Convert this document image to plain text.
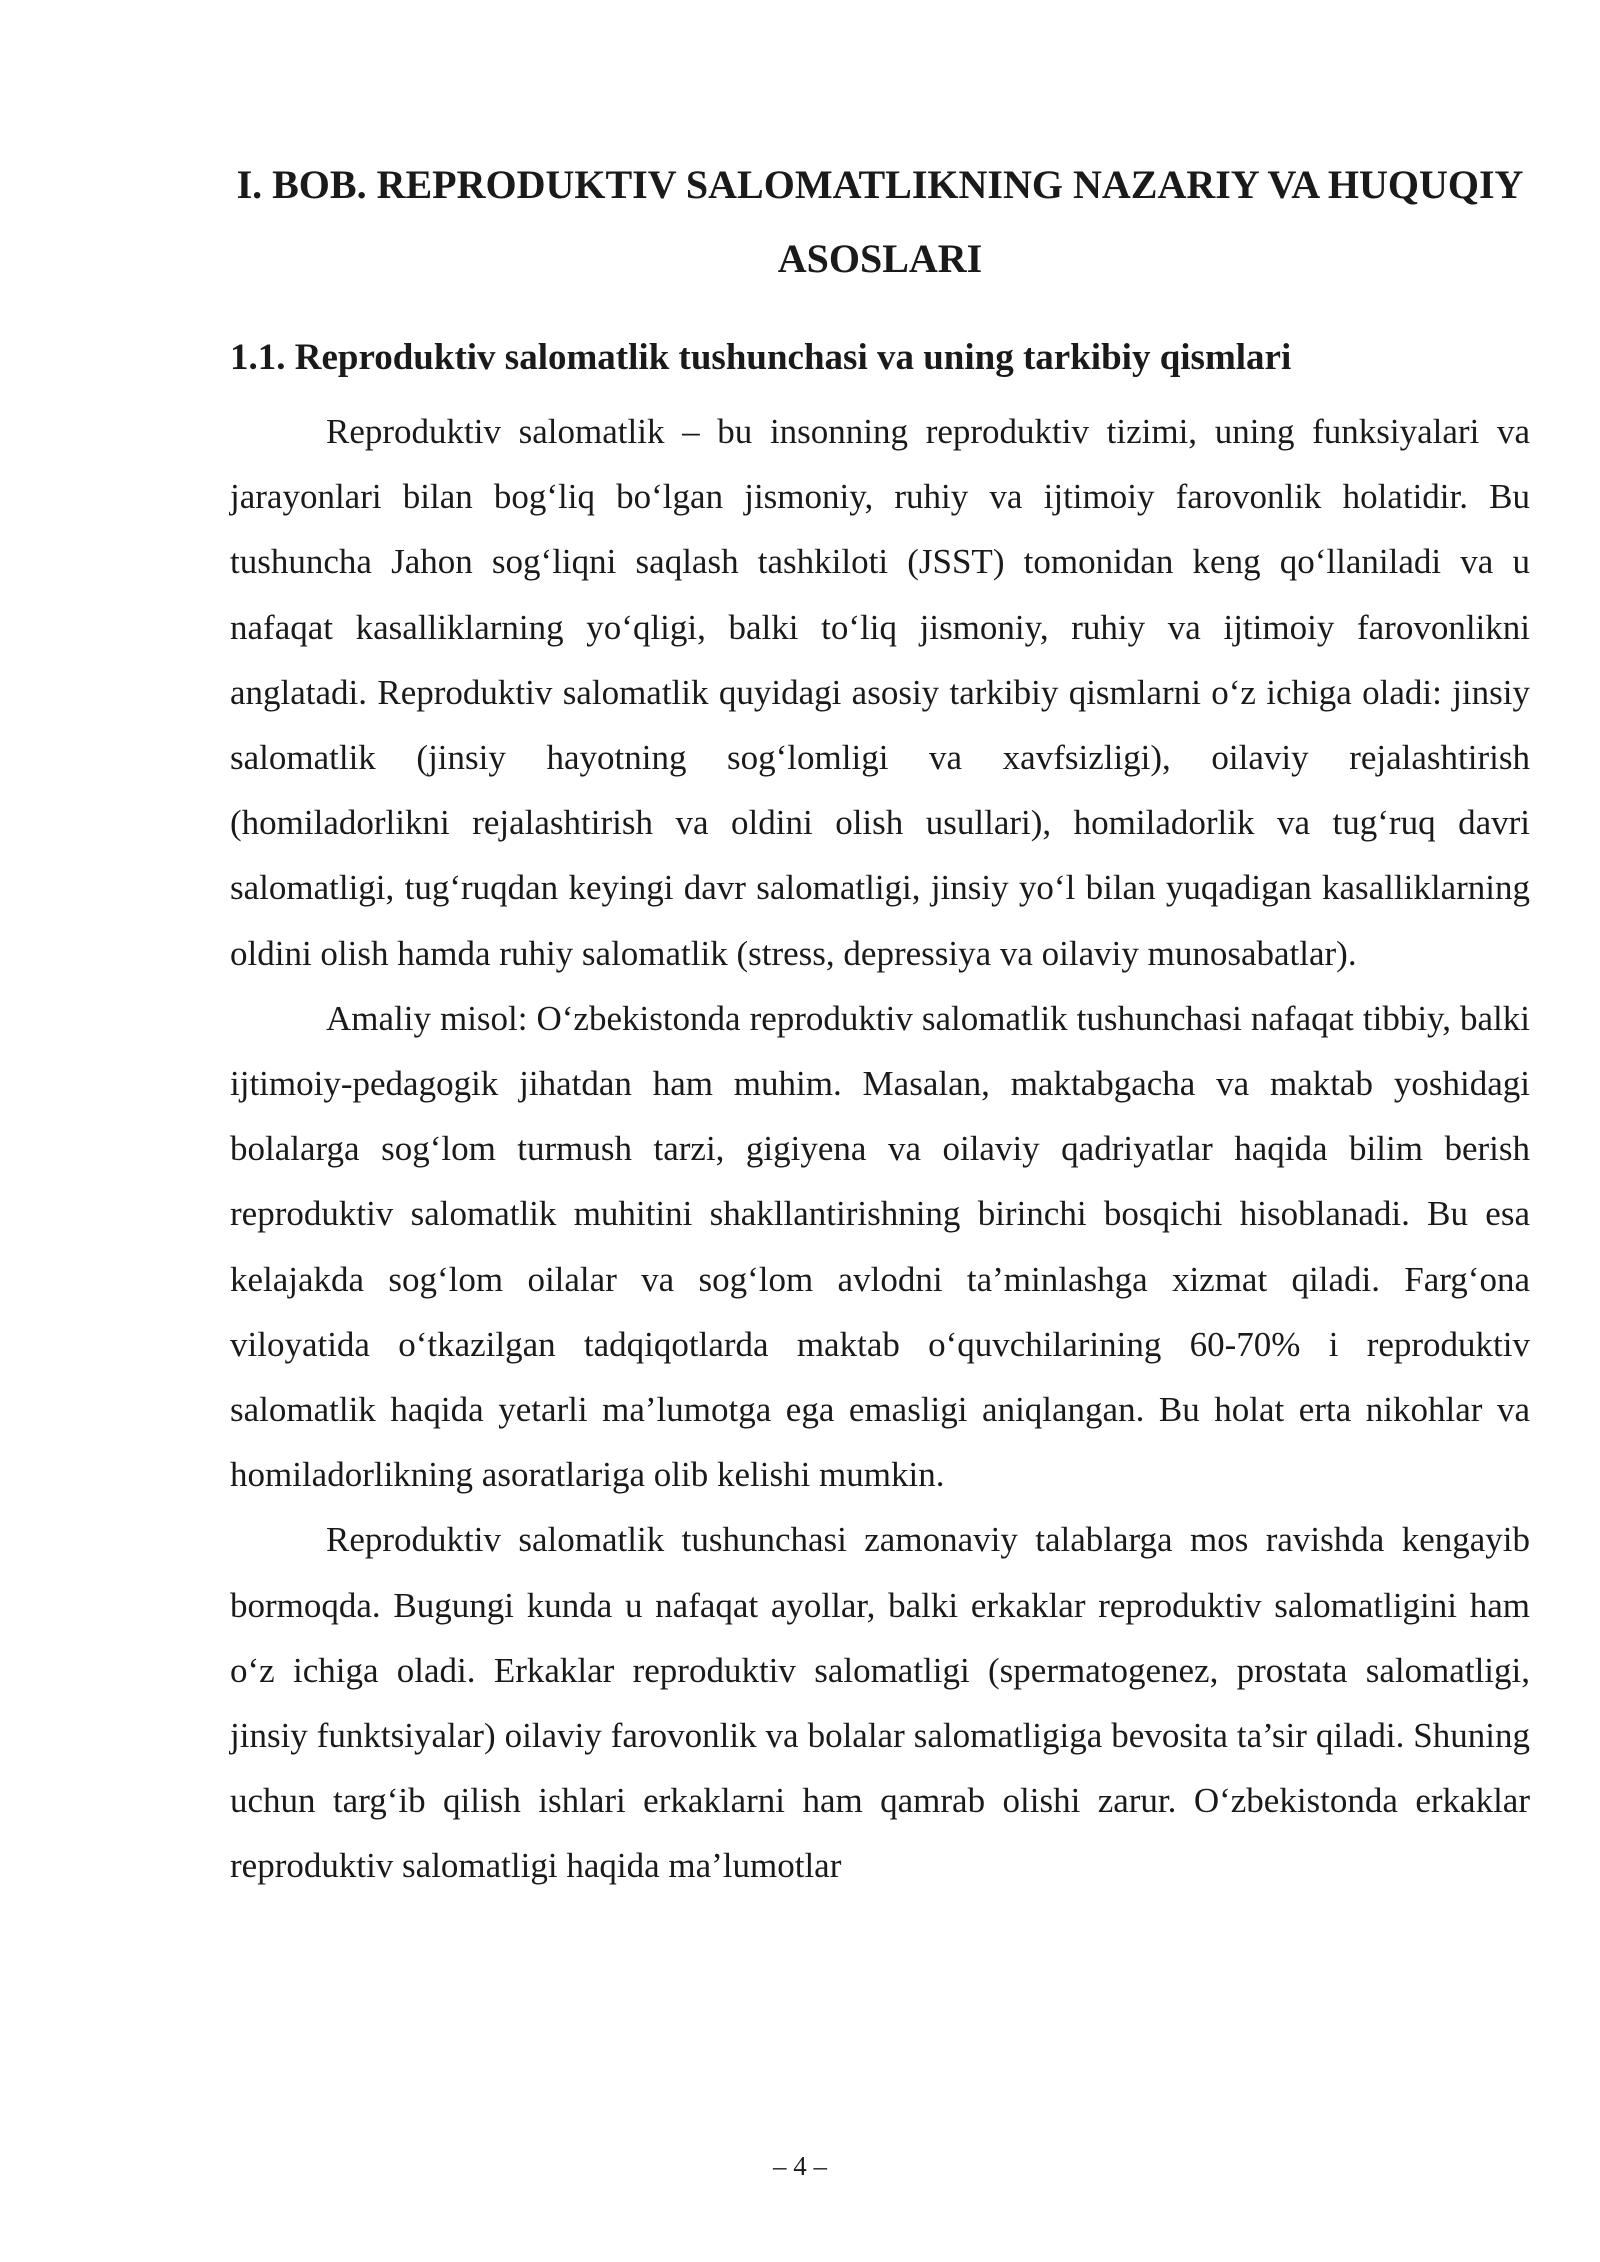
I. BOB. REPRODUKTIV SALOMATLIKNING NAZARIY VA HUQUQIY ASOSLARI
1.1. Reproduktiv salomatlik tushunchasi va uning tarkibiy qismlari

Reproduktiv salomatlik – bu insonning reproduktiv tizimi, uning funksiyalari va jarayonlari bilan bog‘liq bo‘lgan jismoniy, ruhiy va ijtimoiy farovonlik holatidir. Bu tushuncha Jahon sog‘liqni saqlash tashkiloti (JSST) tomonidan keng qo‘llaniladi va u nafaqat kasalliklarning yo‘qligi, balki to‘liq jismoniy, ruhiy va ijtimoiy farovonlikni anglatadi. Reproduktiv salomatlik quyidagi asosiy tarkibiy qismlarni o‘z ichiga oladi: jinsiy salomatlik (jinsiy hayotning sog‘lomligi va xavfsizligi), oilaviy rejalashtirish (homiladorlikni rejalashtirish va oldini olish usullari), homiladorlik va tug‘ruq davri salomatligi, tug‘ruqdan keyingi davr salomatligi, jinsiy yo‘l bilan yuqadigan kasalliklarning oldini olish hamda ruhiy salomatlik (stress, depressiya va oilaviy munosabatlar).

Amaliy misol: O‘zbekistonda reproduktiv salomatlik tushunchasi nafaqat tibbiy, balki ijtimoiy-pedagogik jihatdan ham muhim. Masalan, maktabgacha va maktab yoshidagi bolalarga sog‘lom turmush tarzi, gigiyena va oilaviy qadriyatlar haqida bilim berish reproduktiv salomatlik muhitini shakllantirishning birinchi bosqichi hisoblanadi. Bu esa kelajakda sog‘lom oilalar va sog‘lom avlodni ta’minlashga xizmat qiladi. Farg‘ona viloyatida o‘tkazilgan tadqiqotlarda maktab o‘quvchilarining 60-70% i reproduktiv salomatlik haqida yetarli ma’lumotga ega emasligi aniqlangan. Bu holat erta nikohlar va homiladorlikning asoratlariga olib kelishi mumkin.

Reproduktiv salomatlik tushunchasi zamonaviy talablarga mos ravishda kengayib bormoqda. Bugungi kunda u nafaqat ayollar, balki erkaklar reproduktiv salomatligini ham o‘z ichiga oladi. Erkaklar reproduktiv salomatligi (spermatogenez, prostata salomatligi, jinsiy funktsiyalar) oilaviy farovonlik va bolalar salomatligiga bevosita ta’sir qiladi. Shuning uchun targ‘ib qilish ishlari erkaklarni ham qamrab olishi zarur. O‘zbekistonda erkaklar reproduktiv salomatligi haqida ma’lumotlar

– 4 –
